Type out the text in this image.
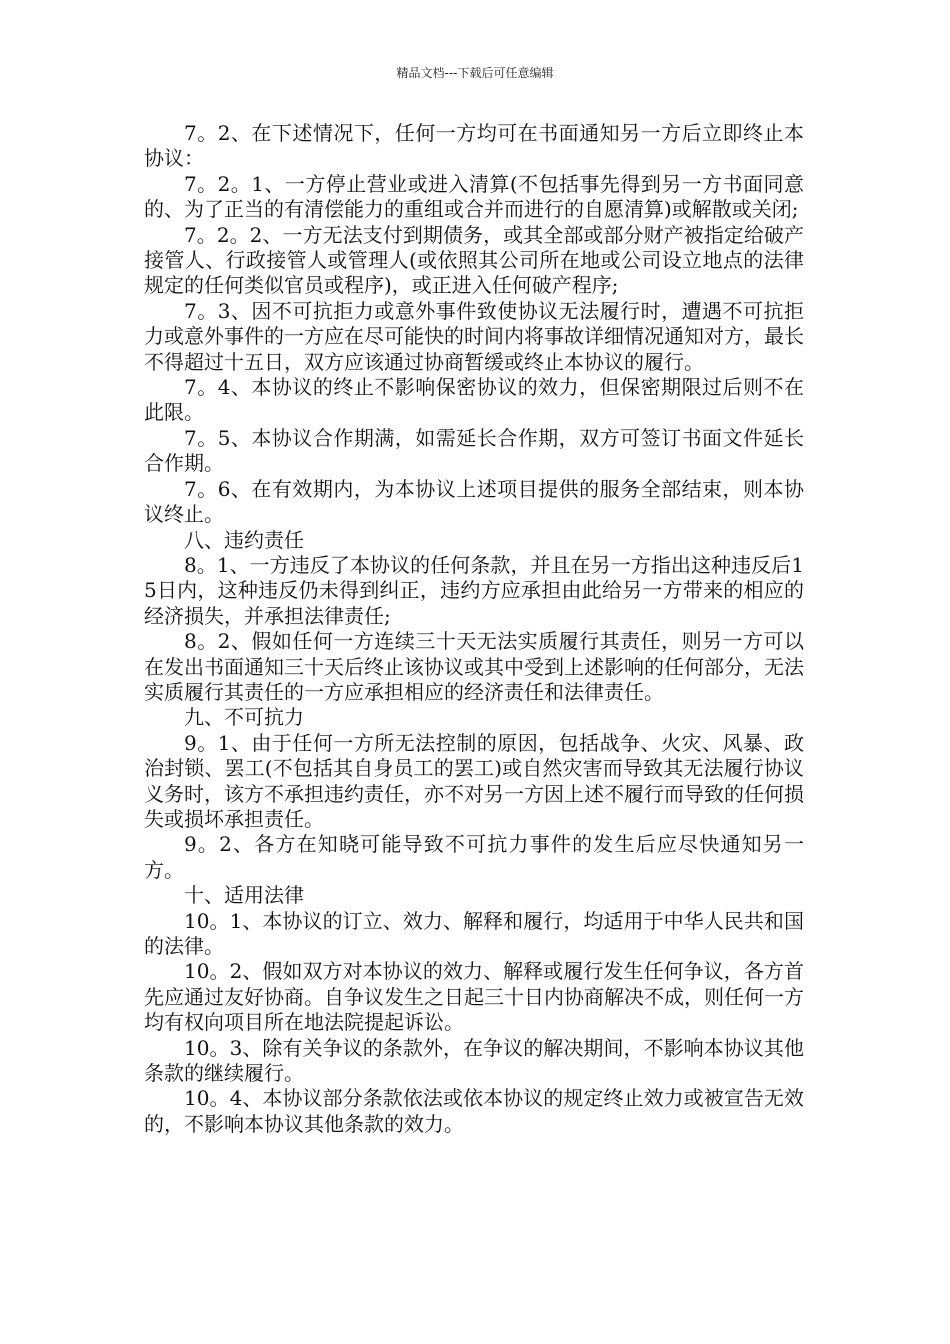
精品文档---下载后可任意编辑

7。2、在下述情况下，任何一方均可在书面通知另一方后立即终止本协议：

7。2。1、一方停止营业或进入清算(不包括事先得到另一方书面同意的、为了正当的有清偿能力的重组或合并而进行的自愿清算)或解散或关闭;

7。2。2、一方无法支付到期债务，或其全部或部分财产被指定给破产接管人、行政接管人或管理人(或依照其公司所在地或公司设立地点的法律规定的任何类似官员或程序)，或正进入任何破产程序;

7。3、因不可抗拒力或意外事件致使协议无法履行时，遭遇不可抗拒力或意外事件的一方应在尽可能快的时间内将事故详细情况通知对方，最长不得超过十五日，双方应该通过协商暂缓或终止本协议的履行。

7。4、本协议的终止不影响保密协议的效力，但保密期限过后则不在此限。

7。5、本协议合作期满，如需延长合作期，双方可签订书面文件延长合作期。

7。6、在有效期内，为本协议上述项目提供的服务全部结束，则本协议终止。

八、违约责任

8。1、一方违反了本协议的任何条款，并且在另一方指出这种违反后15日内，这种违反仍未得到纠正，违约方应承担由此给另一方带来的相应的经济损失，并承担法律责任;

8。2、假如任何一方连续三十天无法实质履行其责任，则另一方可以在发出书面通知三十天后终止该协议或其中受到上述影响的任何部分，无法实质履行其责任的一方应承担相应的经济责任和法律责任。

九、不可抗力

9。1、由于任何一方所无法控制的原因，包括战争、火灾、风暴、政治封锁、罢工(不包括其自身员工的罢工)或自然灾害而导致其无法履行协议义务时，该方不承担违约责任，亦不对另一方因上述不履行而导致的任何损失或损坏承担责任。

9。2、各方在知晓可能导致不可抗力事件的发生后应尽快通知另一方。

十、适用法律

10。1、本协议的订立、效力、解释和履行，均适用于中华人民共和国的法律。

10。2、假如双方对本协议的效力、解释或履行发生任何争议，各方首先应通过友好协商。自争议发生之日起三十日内协商解决不成，则任何一方均有权向项目所在地法院提起诉讼。

10。3、除有关争议的条款外，在争议的解决期间，不影响本协议其他条款的继续履行。

10。4、本协议部分条款依法或依本协议的规定终止效力或被宣告无效的，不影响本协议其他条款的效力。
